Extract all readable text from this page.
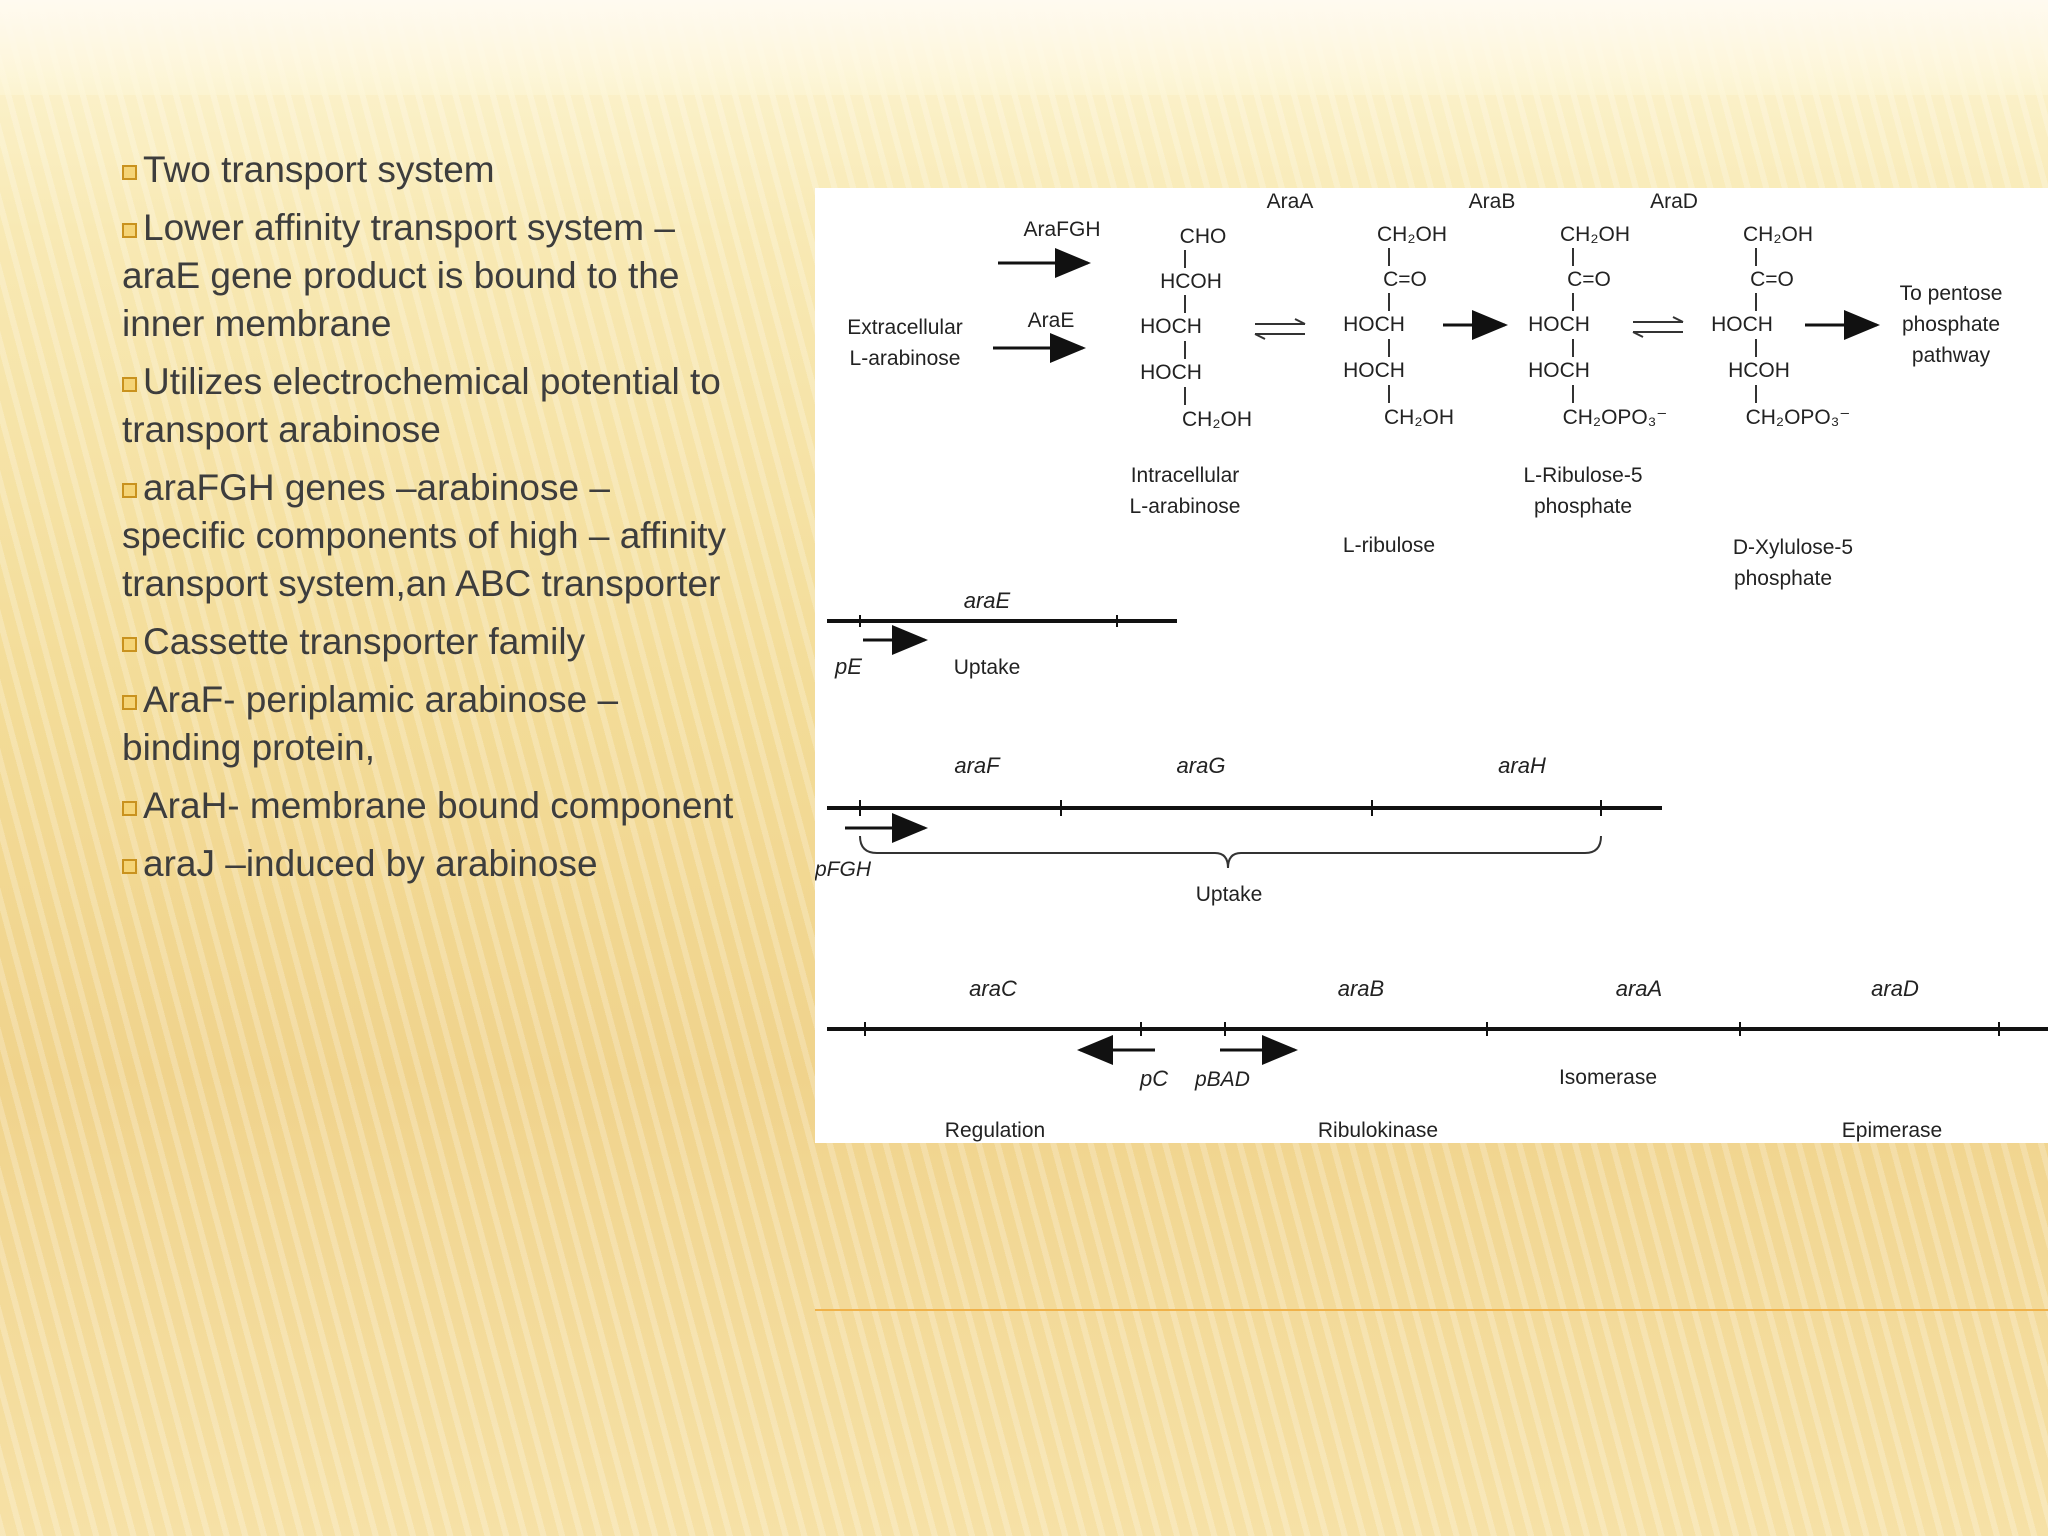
Two transport system
Lower affinity transport system – araE gene product is bound to the inner membrane
Utilizes electrochemical potential to transport arabinose
araFGH genes –arabinose – specific components of high – affinity transport system,an ABC transporter
Cassette transporter family
AraF- periplamic arabinose – binding protein,
AraH- membrane bound component
araJ –induced by arabinose
AraA	AraB	AraD
AraFGH
AraE
Extracellular
L-arabinose
CHO
HCOH
HOCH
HOCH
CH₂OH
CH₂OH
C=O
HOCH
HOCH
CH₂OH
CH₂OH
C=O
HOCH
HOCH
CH₂OPO₃⁻
CH₂OH
C=O
HOCH
HCOH
CH₂OPO₃⁻
To pentose
phosphate
pathway
Intracellular
L-arabinose
L-ribulose
L-Ribulose-5
phosphate
D-Xylulose-5
phosphate
araE
pE	Uptake
araF	araG	araH
pFGH
Uptake
araC	araB	araA	araD
pC pBAD	Isomerase
Regulation	Ribulokinase	Epimerase
